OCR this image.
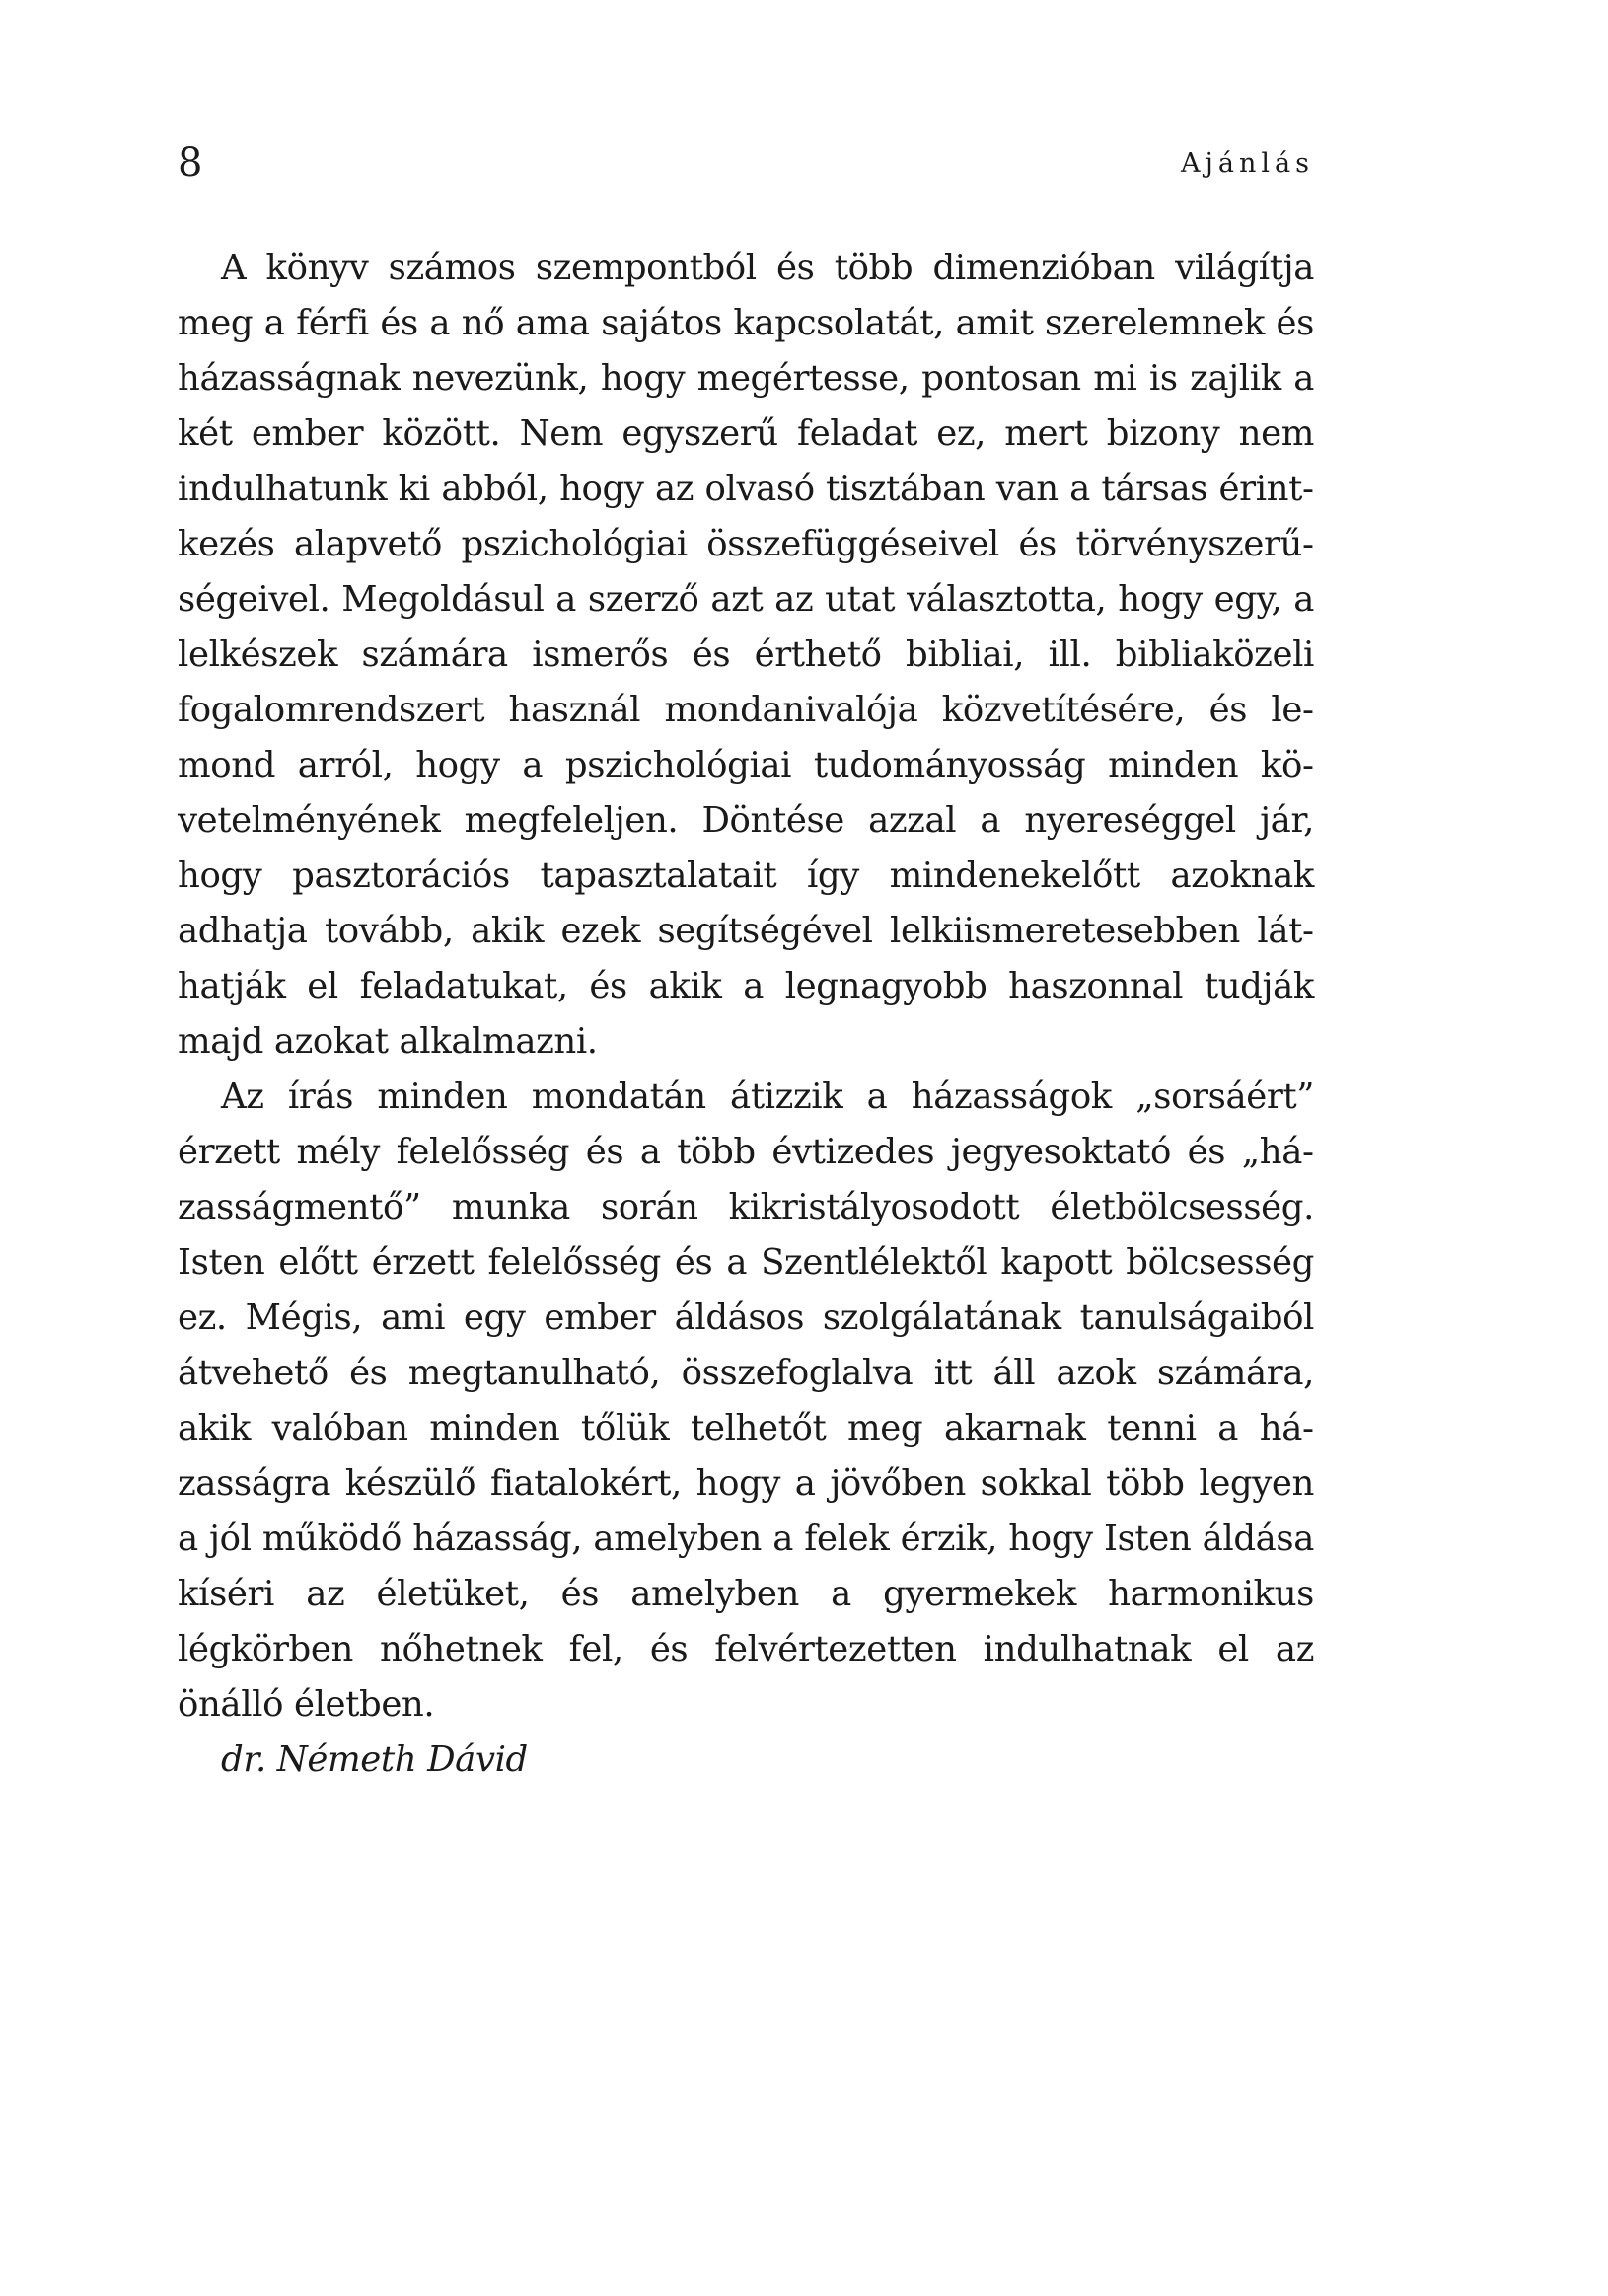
8	Ajánlás

A könyv számos szempontból és több dimenzióban világítja meg a férfi és a nő ama sajátos kapcsolatát, amit szerelemnek és házasságnak nevezünk, hogy megértesse, pontosan mi is zajlik a két ember között. Nem egyszerű feladat ez, mert bizony nem indulhatunk ki abból, hogy az olvasó tisztában van a társas érintkezés alapvető pszichológiai összefüggéseivel és törvényszerűségeivel. Megoldásul a szerző azt az utat választotta, hogy egy, a lelkészek számára ismerős és érthető bibliai, ill. bibliaközeli fogalomrendszert használ mondanivalója közvetítésére, és lemond arról, hogy a pszichológiai tudományosság minden követelményének megfeleljen. Döntése azzal a nyereséggel jár, hogy pasztorációs tapasztalatait így mindenekelőtt azoknak adhatja tovább, akik ezek segítségével lelkiismeretesebben láthatják el feladatukat, és akik a legnagyobb haszonnal tudják majd azokat alkalmazni.

Az írás minden mondatán átizzik a házasságok „sorsáért” érzett mély felelősség és a több évtizedes jegyesoktató és „házasságmentő” munka során kikristályosodott életbölcsesség. Isten előtt érzett felelősség és a Szentlélektől kapott bölcsesség ez. Mégis, ami egy ember áldásos szolgálatának tanulságaiból átvehető és megtanulható, összefoglalva itt áll azok számára, akik valóban minden tőlük telhetőt meg akarnak tenni a házasságra készülő fiatalokért, hogy a jövőben sokkal több legyen a jól működő házasság, amelyben a felek érzik, hogy Isten áldása kíséri az életüket, és amelyben a gyermekek harmonikus légkörben nőhetnek fel, és felvértezetten indulhatnak el az önálló életben.

dr. Németh Dávid
